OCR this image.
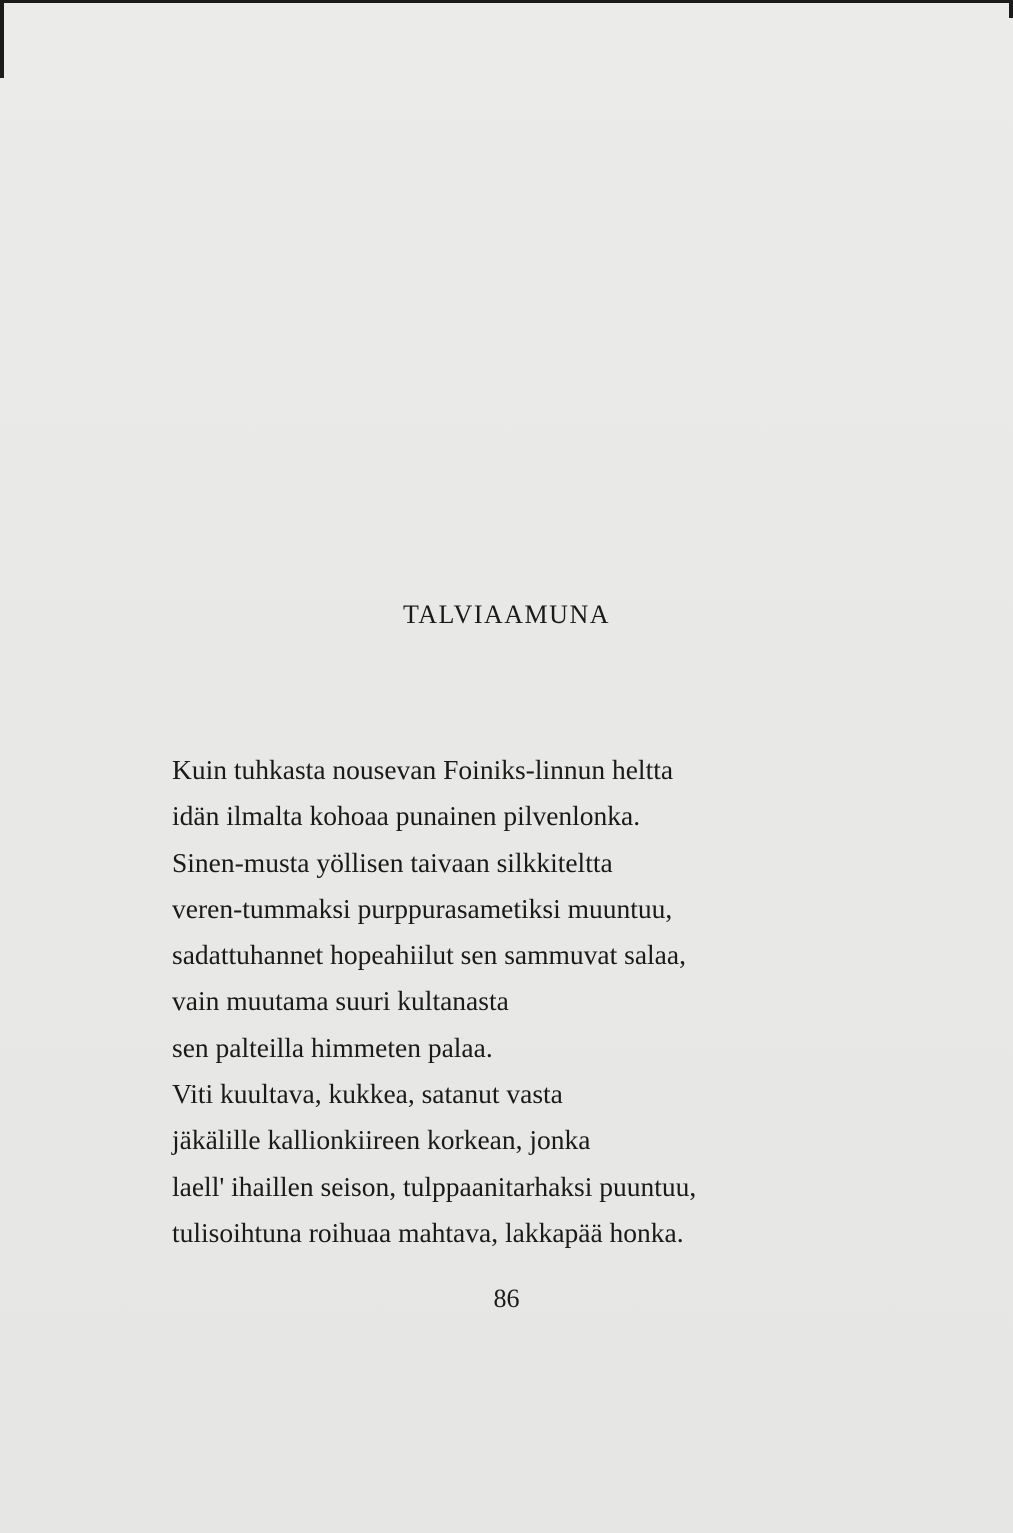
TALVIAAMUNA
Kuin tuhkasta nousevan Foiniks-linnun heltta
idän ilmalta kohoaa punainen pilvenlonka.
Sinen-musta yöllisen taivaan silkkiteltta
veren-tummaksi purppurasametiksi muuntuu,
sadattuhannet hopeahiilut sen sammuvat salaa,
vain muutama suuri kultanasta
sen palteilla himmeten palaa.
Viti kuultava, kukkea, satanut vasta
jäkälille kallionkiireen korkean, jonka
laell' ihaillen seison, tulppaanitarhaksi puuntuu,
tulisoihtuna roihuaa mahtava, lakkapää honka.
86
